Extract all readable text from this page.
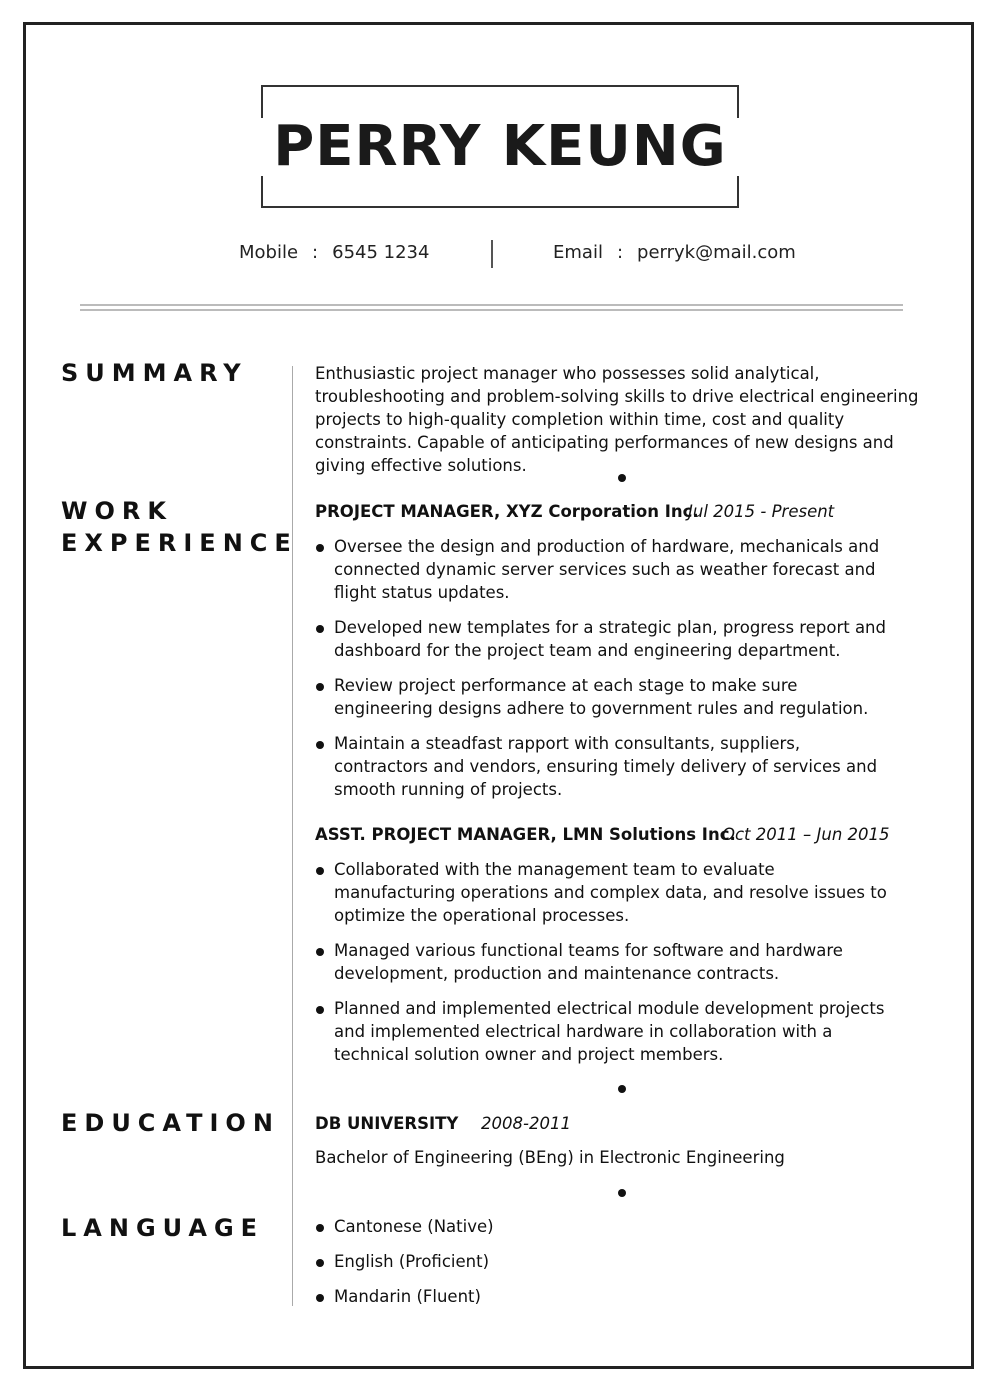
PERRY KEUNG
Mobile : 6545 1234	Email : perryk@mail.com
SUMMARY	Enthusiastic project manager who possesses solid analytical, troubleshooting and problem-solving skills to drive electrical engineering projects to high-quality completion within time, cost and quality constraints. Capable of anticipating performances of new designs and giving effective solutions.
WORK
EXPERIENCE
PROJECT MANAGER, XYZ Corporation Inc.
Jul 2015 - Present
Oversee the design and production of hardware, mechanicals and connected dynamic server services such as weather forecast and flight status updates.
Developed new templates for a strategic plan, progress report and dashboard for the project team and engineering department.
Review project performance at each stage to make sure engineering designs adhere to government rules and regulation.
Maintain a steadfast rapport with consultants, suppliers, contractors and vendors, ensuring timely delivery of services and smooth running of projects.
ASST. PROJECT MANAGER, LMN Solutions Inc.
Oct 2011 – Jun 2015
Collaborated with the management team to evaluate manufacturing operations and complex data, and resolve issues to optimize the operational processes.
Managed various functional teams for software and hardware development, production and maintenance contracts.
Planned and implemented electrical module development projects and implemented electrical hardware in collaboration with a technical solution owner and project members.
EDUCATION DB UNIVERSITY 2008-2011
Bachelor of Engineering (BEng) in Electronic Engineering
LANGUAGE	Cantonese (Native)
English (Proficient)
Mandarin (Fluent)
